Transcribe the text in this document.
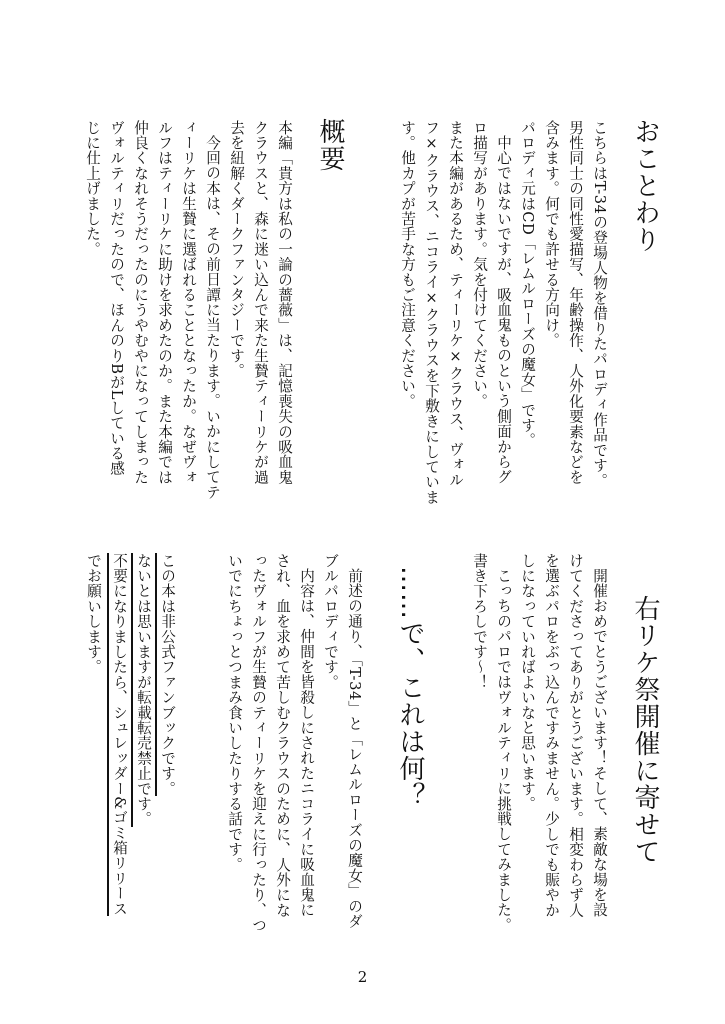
おことわり
こちらはT-34の登場人物を借りたパロディ作品です。
男性同士の同性愛描写、年齢操作、人外化要素などを
含みます。何でも許せる方向け。
パロディ元はCD「レムルローズの魔女」です。
中心ではないですが、吸血鬼ものという側面からグ
ロ描写があります。気を付けてください。
また本編があるため、ティーリケ×クラウス、ヴォル
フ×クラウス、ニコライ×クラウスを下敷きにしていま
す。他カプが苦手な方もご注意ください。
概要
本編「貴方は私の一論の薔薇」は、記憶喪失の吸血鬼
クラウスと、森に迷い込んで来た生贄ティーリケが過
去を紐解くダークファンタジーです。
今回の本は、その前日譚に当たります。いかにしてテ
ィーリケは生贄に選ばれることとなったか。なぜヴォ
ルフはティーリケに助けを求めたのか。また本編では
仲良くなれそうだったのにうやむやになってしまった
ヴォルティリだったので、ほんのりBがLしている感
じに仕上げました。
右リケ祭開催に寄せて
開催おめでとうございます！そして、素敵な場を設
けてくださってありがとうございます。相変わらず人
を選ぶパロをぶっ込んですみません。少しでも賑やか
しになっていればよいなと思います。
こっちのパロではヴォルティリに挑戦してみました。
書き下ろしです〜！
……で、これは何？
前述の通り、「T-34」と「レムルローズの魔女」のダ
ブルパロディです。
内容は、仲間を皆殺しにされたニコライに吸血鬼に
され、血を求めて苦しむクラウスのために、人外にな
ったヴォルフが生贄のティーリケを迎えに行ったり、つ
いでにちょっとつまみ食いしたりする話です。
この本は非公式ファンブックです。
ないとは思いますが転載転売禁止です。
不要になりましたら、シュレッダー&ゴミ箱リリース
でお願いします。
2
